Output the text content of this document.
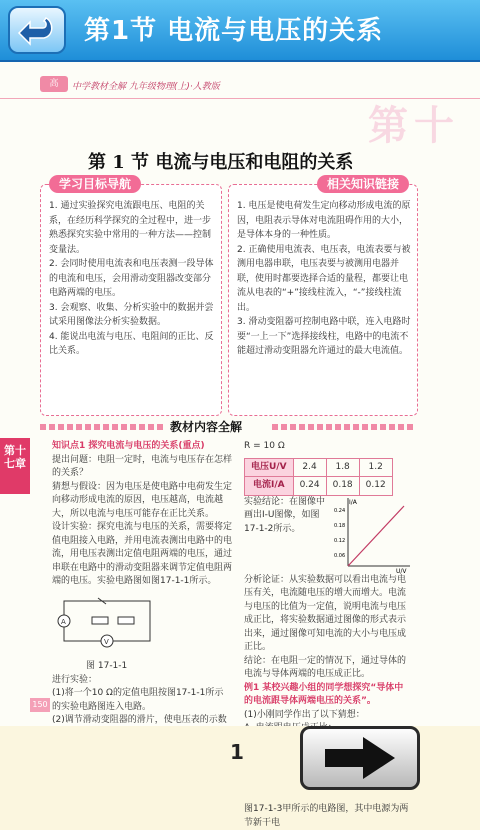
第1节 电流与电压的关系
高	中学教材全解 九年级物理(上)·人教版
第十
第 1 节 电流与电压和电阻的关系
学习目标导航
1. 通过实验探究电流跟电压、电阻的关系，在经历科学探究的全过程中，进一步熟悉探究实验中常用的一种方法——控制变量法。
2. 会同时使用电流表和电压表测一段导体的电流和电压，会用滑动变阻器改变部分电路两端的电压。
3. 会观察、收集、分析实验中的数据并尝试采用图像法分析实验数据。
4. 能说出电流与电压、电阻间的正比、反比关系。
相关知识链接
1. 电压是使电荷发生定向移动形成电流的原因，电阻表示导体对电流阻碍作用的大小，是导体本身的一种性质。
2. 正确使用电流表、电压表，电流表要与被测用电器串联，电压表要与被测用电器并联，使用时都要选择合适的量程，都要让电流从电表的“+”接线柱流入，“-”接线柱流出。
3. 滑动变阻器可控制电路中联，连入电路时要“一上一下”选择接线柱，电路中的电流不能超过滑动变阻器允许通过的最大电流值。
教材内容全解
第十七章
知识点1 探究电流与电压的关系(重点)
提出问题：电阻一定时，电流与电压存在怎样的关系？
猜想与假设：因为电压是使电路中电荷发生定向移动形成电流的原因，电压越高，电流越大，所以电流与电压可能存在正比关系。
设计实验：探究电流与电压的关系，需要将定值电阻接入电路，并用电流表测出电路中的电流，用电压表测出定值电阻两端的电压，通过串联在电路中的滑动变阻器来调节定值电阻两端的电压。实验电路图如图17-1-1所示。
A
V
图 17-1-1
进行实验：
(1)将一个10 Ω的定值电阻按图17-1-1所示的实验电路图连入电路。
(2)调节滑动变阻器的滑片，使电压表的示数
R = 10 Ω
电压U/V	2.4	1.8	1.2
电流I/A	0.24	0.18	0.12
实验结论：在图像中画出I-U图像，如图17-1-2所示。
I/A
U/V
0.24
0.18
0.12
0.06
分析论证：从实验数据可以看出电流与电压有关，电流随电压的增大而增大。电流与电压的比值为一定值，说明电流与电压成正比，将实验数据通过图像的形式表示出来，通过图像可知电流的大小与电压成正比。
结论：在电阻一定的情况下，通过导体的电流与导体两端的电压成正比。
例1 某校兴趣小组的同学想探究“导体中的电流跟导体两端电压的关系”。
(1)小刚同学作出了以下猜想：
图17-1-3甲所示的电路图，其中电源为两节新干电
150
1
